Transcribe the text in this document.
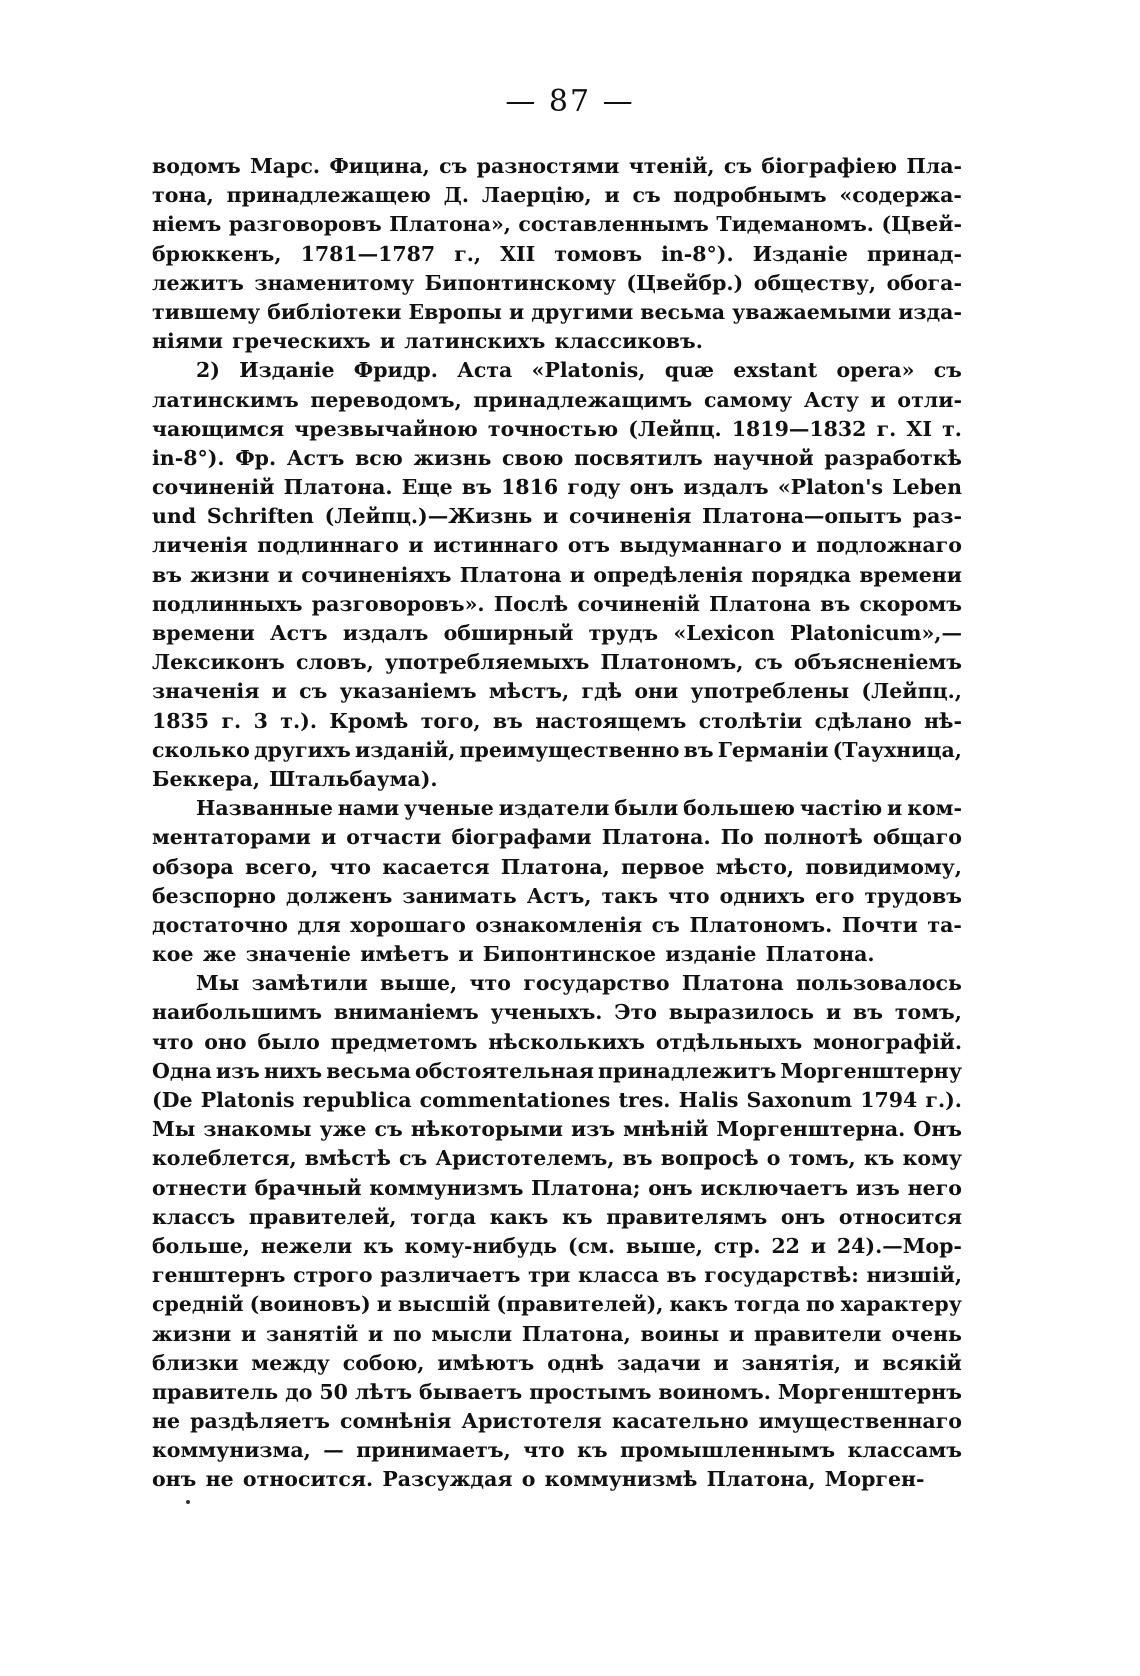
— 87 —
водомъ Марс. Фицина, съ разностями чтеній, съ біографіею Пла-
тона, принадлежащею Д. Лаерцію, и съ подробнымъ «содержа-
ніемъ разговоровъ Платона», составленнымъ Тидеманомъ. (Цвей-
брюккенъ, 1781—1787 г., XII томовъ in-8°). Изданіе принад-
лежитъ знаменитому Бипонтинскому (Цвейбр.) обществу, обога-
тившему библіотеки Европы и другими весьма уважаемыми изда-
ніями греческихъ и латинскихъ классиковъ.
2) Изданіе Фридр. Аста «Platonis, quæ exstant opera» съ
латинскимъ переводомъ, принадлежащимъ самому Асту и отли-
чающимся чрезвычайною точностью (Лейпц. 1819—1832 г. XI т.
in-8°). Фр. Астъ всю жизнь свою посвятилъ научной разработкѣ
сочиненій Платона. Еще въ 1816 году онъ издалъ «Platon's Leben
und Schriften (Лейпц.)—Жизнь и сочиненія Платона—опытъ раз-
личенія подлиннаго и истиннаго отъ выдуманнаго и подложнаго
въ жизни и сочиненіяхъ Платона и опредѣленія порядка времени
подлинныхъ разговоровъ». Послѣ сочиненій Платона въ скоромъ
времени Астъ издалъ обширный трудъ «Lexicon Platonicum»,—
Лексиконъ словъ, употребляемыхъ Платономъ, съ объясненіемъ
значенія и съ указаніемъ мѣстъ, гдѣ они употреблены (Лейпц.,
1835 г. 3 т.). Кромѣ того, въ настоящемъ столѣтіи сдѣлано нѣ-
сколько другихъ изданій, преимущественно въ Германіи (Таухница,
Беккера, Штальбаума).
Названные нами ученые издатели были большею частію и ком-
ментаторами и отчасти біографами Платона. По полнотѣ общаго
обзора всего, что касается Платона, первое мѣсто, повидимому,
безспорно долженъ занимать Астъ, такъ что однихъ его трудовъ
достаточно для хорошаго ознакомленія съ Платономъ. Почти та-
кое же значеніе имѣетъ и Бипонтинское изданіе Платона.
Мы замѣтили выше, что государство Платона пользовалось
наибольшимъ вниманіемъ ученыхъ. Это выразилось и въ томъ,
что оно было предметомъ нѣсколькихъ отдѣльныхъ монографій.
Одна изъ нихъ весьма обстоятельная принадлежитъ Моргенштерну
(De Platonis republica commentationes tres. Halis Saxonum 1794 г.).
Мы знакомы уже съ нѣкоторыми изъ мнѣній Моргенштерна. Онъ
колеблется, вмѣстѣ съ Аристотелемъ, въ вопросѣ о томъ, къ кому
отнести брачный коммунизмъ Платона; онъ исключаетъ изъ него
классъ правителей, тогда какъ къ правителямъ онъ относится
больше, нежели къ кому-нибудь (см. выше, стр. 22 и 24).—Мор-
генштернъ строго различаетъ три класса въ государствѣ: низшій,
средній (воиновъ) и высшій (правителей), какъ тогда по характеру
жизни и занятій и по мысли Платона, воины и правители очень
близки между собою, имѣютъ однѣ задачи и занятія, и всякій
правитель до 50 лѣтъ бываетъ простымъ воиномъ. Моргенштернъ
не раздѣляетъ сомнѣнія Аристотеля касательно имущественнаго
коммунизма, — принимаетъ, что къ промышленнымъ классамъ
онъ не относится. Разсуждая о коммунизмѣ Платона, Морген-
